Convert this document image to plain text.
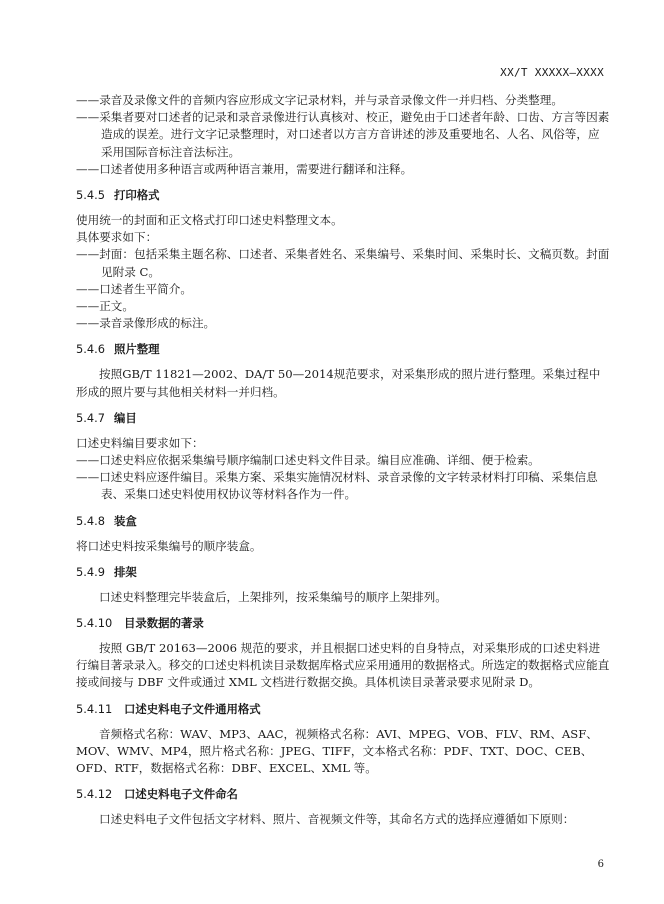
XX/T XXXXX—XXXX

——录音及录像文件的音频内容应形成文字记录材料，并与录音录像文件一并归档、分类整理。

——采集者要对口述者的记录和录音录像进行认真核对、校正，避免由于口述者年龄、口齿、方言等因素造成的误差。进行文字记录整理时，对口述者以方言方音讲述的涉及重要地名、人名、风俗等，应采用国际音标注音法标注。

——口述者使用多种语言或两种语言兼用，需要进行翻译和注释。

5.4.5 打印格式

使用统一的封面和正文格式打印口述史料整理文本。

具体要求如下：

——封面：包括采集主题名称、口述者、采集者姓名、采集编号、采集时间、采集时长、文稿页数。封面见附录 C。

——口述者生平简介。

——正文。

——录音录像形成的标注。

5.4.6 照片整理

按照GB/T 11821—2002、DA/T 50—2014规范要求，对采集形成的照片进行整理。采集过程中形成的照片要与其他相关材料一并归档。

5.4.7 编目

口述史料编目要求如下：

——口述史料应依据采集编号顺序编制口述史料文件目录。编目应准确、详细、便于检索。

——口述史料应逐件编目。采集方案、采集实施情况材料、录音录像的文字转录材料打印稿、采集信息表、采集口述史料使用权协议等材料各作为一件。

5.4.8 装盒

将口述史料按采集编号的顺序装盒。

5.4.9 排架

口述史料整理完毕装盒后，上架排列，按采集编号的顺序上架排列。

5.4.10 目录数据的著录

按照 GB/T 20163—2006 规范的要求，并且根据口述史料的自身特点，对采集形成的口述史料进行编目著录录入。移交的口述史料机读目录数据库格式应采用通用的数据格式。所选定的数据格式应能直接或间接与 DBF 文件或通过 XML 文档进行数据交换。具体机读目录著录要求见附录 D。

5.4.11 口述史料电子文件通用格式

音频格式名称：WAV、MP3、AAC，视频格式名称：AVI、MPEG、VOB、FLV、RM、ASF、MOV、WMV、MP4，照片格式名称：JPEG、TIFF，文本格式名称：PDF、TXT、DOC、CEB、OFD、RTF，数据格式名称：DBF、EXCEL、XML 等。

5.4.12 口述史料电子文件命名

口述史料电子文件包括文字材料、照片、音视频文件等，其命名方式的选择应遵循如下原则：

6
